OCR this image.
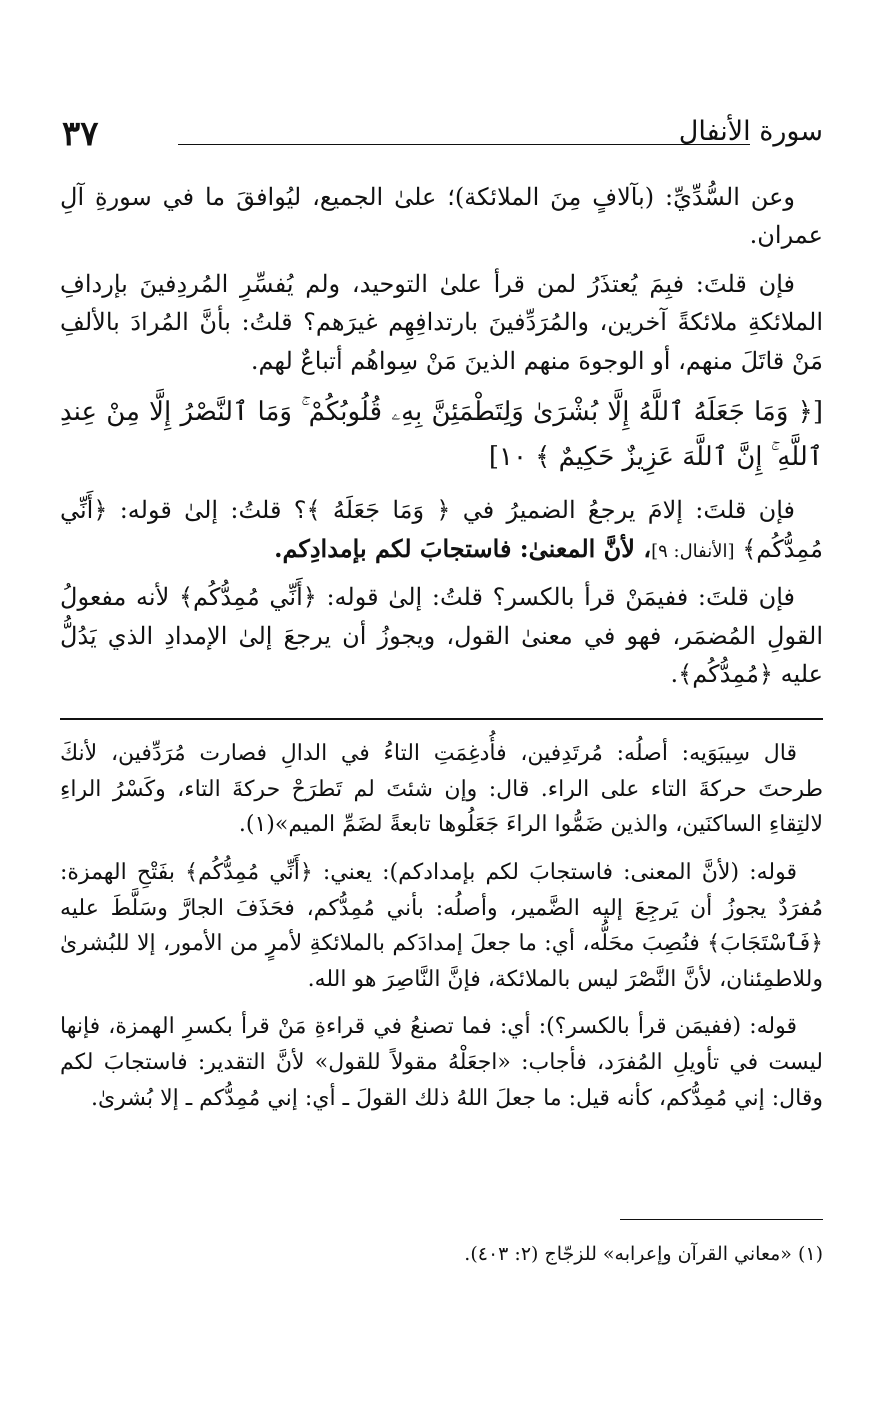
٣٧	سورة الأنفال

وعن السُّدِّيِّ: (بآلافٍ مِنَ الملائكة)؛ علىٰ الجميع، ليُوافقَ ما في سورةِ آلِ عمران.

فإن قلتَ: فبِمَ يُعتذَرُ لمن قرأ علىٰ التوحيد، ولم يُفسِّرِ المُردِفينَ بإردافِ الملائكةِ ملائكةً آخرين، والمُرَدِّفينَ بارتدافِهِم غيرَهم؟ قلتُ: بأنَّ المُرادَ بالألفِ مَنْ قاتَلَ منهم، أو الوجوهَ منهم الذينَ مَنْ سِواهُم أتباعٌ لهم.

[﴿ وَمَا جَعَلَهُ ٱللَّهُ إِلَّا بُشْرَىٰ وَلِتَطْمَئِنَّ بِهِۦ قُلُوبُكُمْ ۚ وَمَا ٱلنَّصْرُ إِلَّا مِنْ عِندِ ٱللَّهِ ۚ إِنَّ ٱللَّهَ عَزِيزٌ حَكِيمٌ ﴾ ١٠]

فإن قلتَ: إلامَ يرجعُ الضميرُ في ﴿ وَمَا جَعَلَهُ ﴾؟ قلتُ: إلىٰ قوله: ﴿أَنِّي مُمِدُّكُم﴾ [الأنفال: ٩]، لأنَّ المعنىٰ: فاستجابَ لكم بإمدادِكم.

فإن قلتَ: ففيمَنْ قرأ بالكسر؟ قلتُ: إلىٰ قوله: ﴿أَنِّي مُمِدُّكُم﴾ لأنه مفعولُ القولِ المُضمَر، فهو في معنىٰ القول، ويجوزُ أن يرجعَ إلىٰ الإمدادِ الذي يَدُلُّ عليه ﴿مُمِدُّكُم﴾.

قال سِيبَوَيه: أصلُه: مُرتَدِفين، فأُدغِمَتِ التاءُ في الدالِ فصارت مُرَدِّفين، لأنكَ طرحتَ حركةَ التاء على الراء. قال: وإن شئتَ لم تَطرَحْ حركةَ التاء، وكَسْرُ الراءِ لالتِقاءِ الساكنَين، والذين ضَمُّوا الراءَ جَعَلُوها تابعةً لضَمِّ الميم»(١).

قوله: (لأنَّ المعنى: فاستجابَ لكم بإمدادكم): يعني: ﴿أَنِّي مُمِدُّكُم﴾ بفَتْحِ الهمزة: مُفرَدٌ يجوزُ أن يَرجِعَ إليه الضَّمير، وأصلُه: بأني مُمِدُّكم، فحَذَفَ الجارَّ وسَلَّطَ عليه ﴿فَٱسْتَجَابَ﴾ فنُصِبَ محَلُّه، أي: ما جعلَ إمدادَكم بالملائكةِ لأمرٍ من الأمور، إلا للبُشرىٰ وللاطمِئنان، لأنَّ النَّصْرَ ليس بالملائكة، فإنَّ النَّاصِرَ هو الله.

قوله: (ففيمَن قرأ بالكسر؟): أي: فما تصنعُ في قراءةِ مَنْ قرأ بكسرِ الهمزة، فإنها ليست في تأويلِ المُفرَد، فأجاب: «اجعَلْهُ مقولاً للقول» لأنَّ التقدير: فاستجابَ لكم وقال: إني مُمِدُّكم، كأنه قيل: ما جعلَ اللهُ ذلك القولَ ـ أي: إني مُمِدُّكم ـ إلا بُشرىٰ.

(١) «معاني القرآن وإعرابه» للزجّاج (٢: ٤٠٣).
